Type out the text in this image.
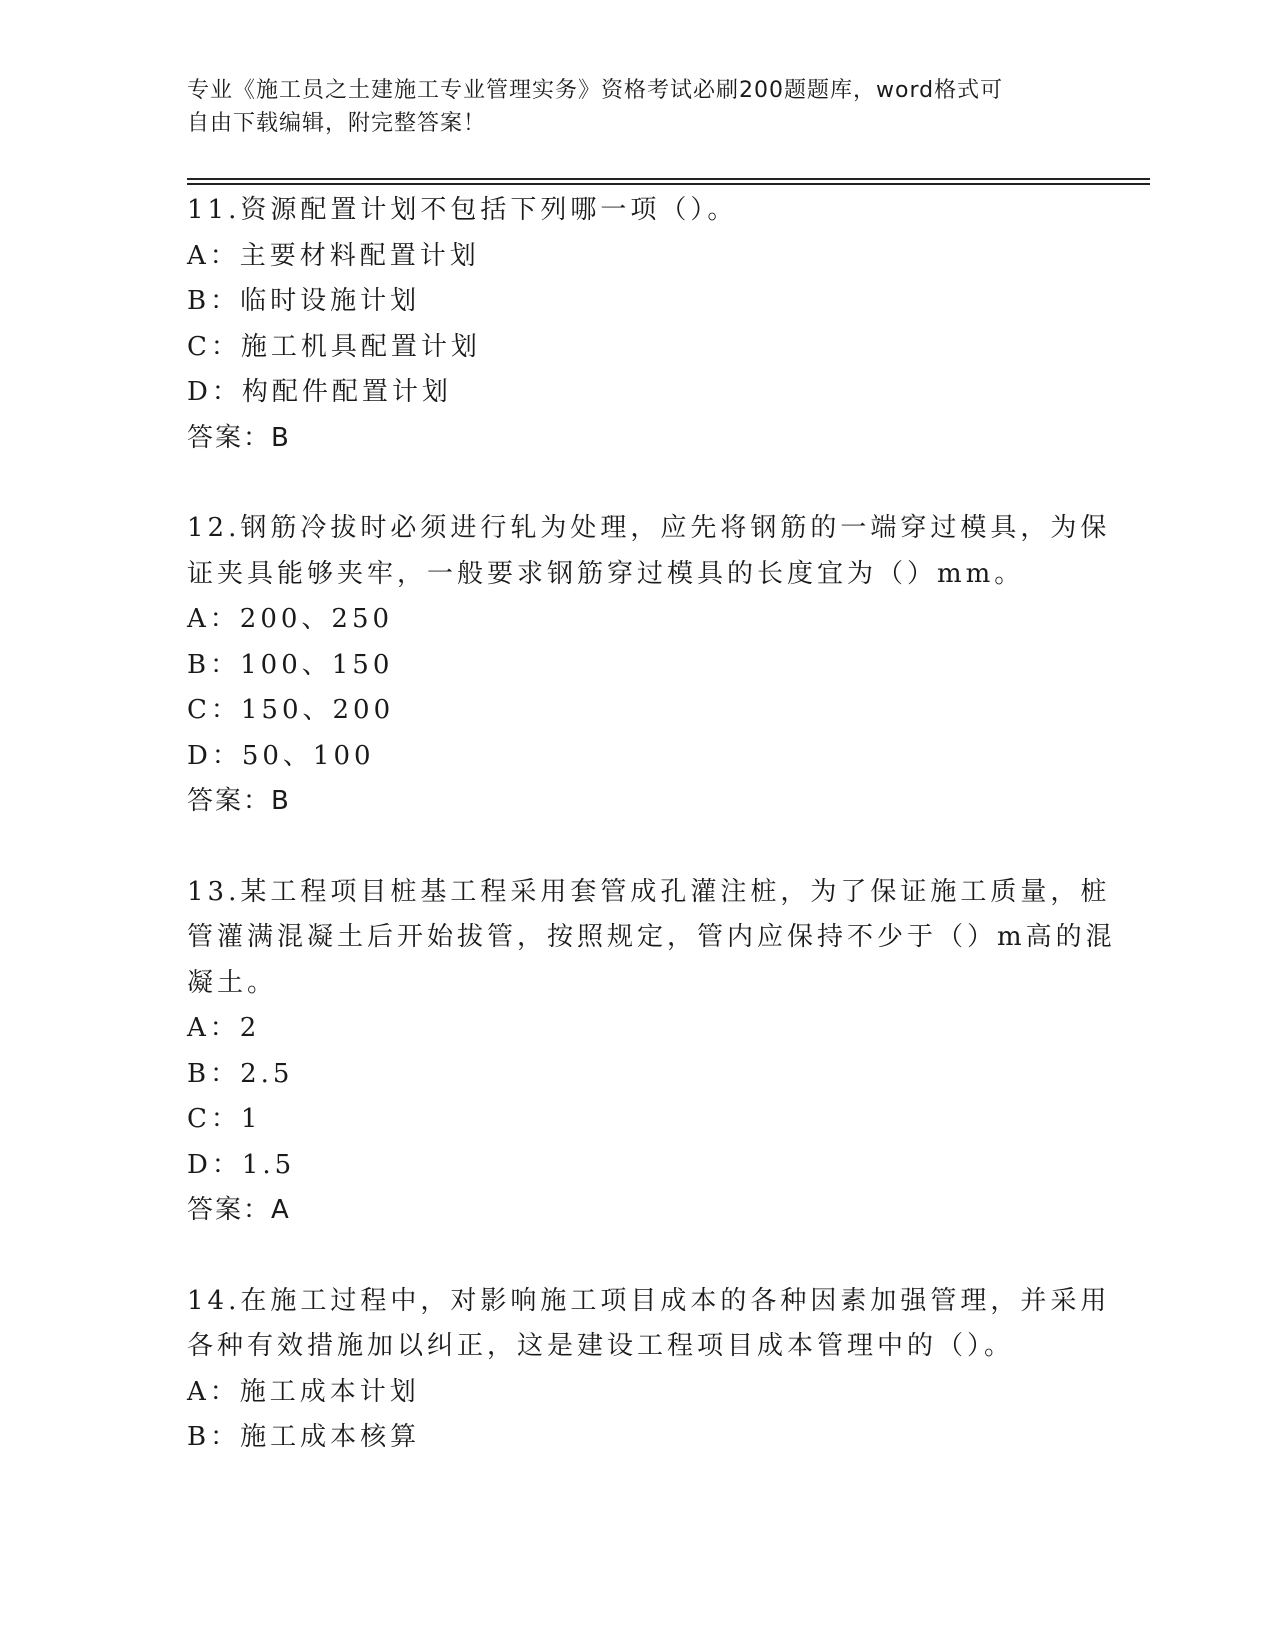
专业《施工员之土建施工专业管理实务》资格考试必刷200题题库，word格式可
自由下载编辑，附完整答案！
11.资源配置计划不包括下列哪一项（）。
A：主要材料配置计划
B：临时设施计划
C：施工机具配置计划
D：构配件配置计划
答案：B
12.钢筋冷拔时必须进行轧为处理，应先将钢筋的一端穿过模具，为保
证夹具能够夹牢，一般要求钢筋穿过模具的长度宜为（）mm。
A：200、250
B：100、150
C：150、200
D：50、100
答案：B
13.某工程项目桩基工程采用套管成孔灌注桩，为了保证施工质量，桩
管灌满混凝土后开始拔管，按照规定，管内应保持不少于（）m高的混
凝土。
A：2
B：2.5
C：1
D：1.5
答案：A
14.在施工过程中，对影响施工项目成本的各种因素加强管理，并采用
各种有效措施加以纠正，这是建设工程项目成本管理中的（）。
A：施工成本计划
B：施工成本核算
